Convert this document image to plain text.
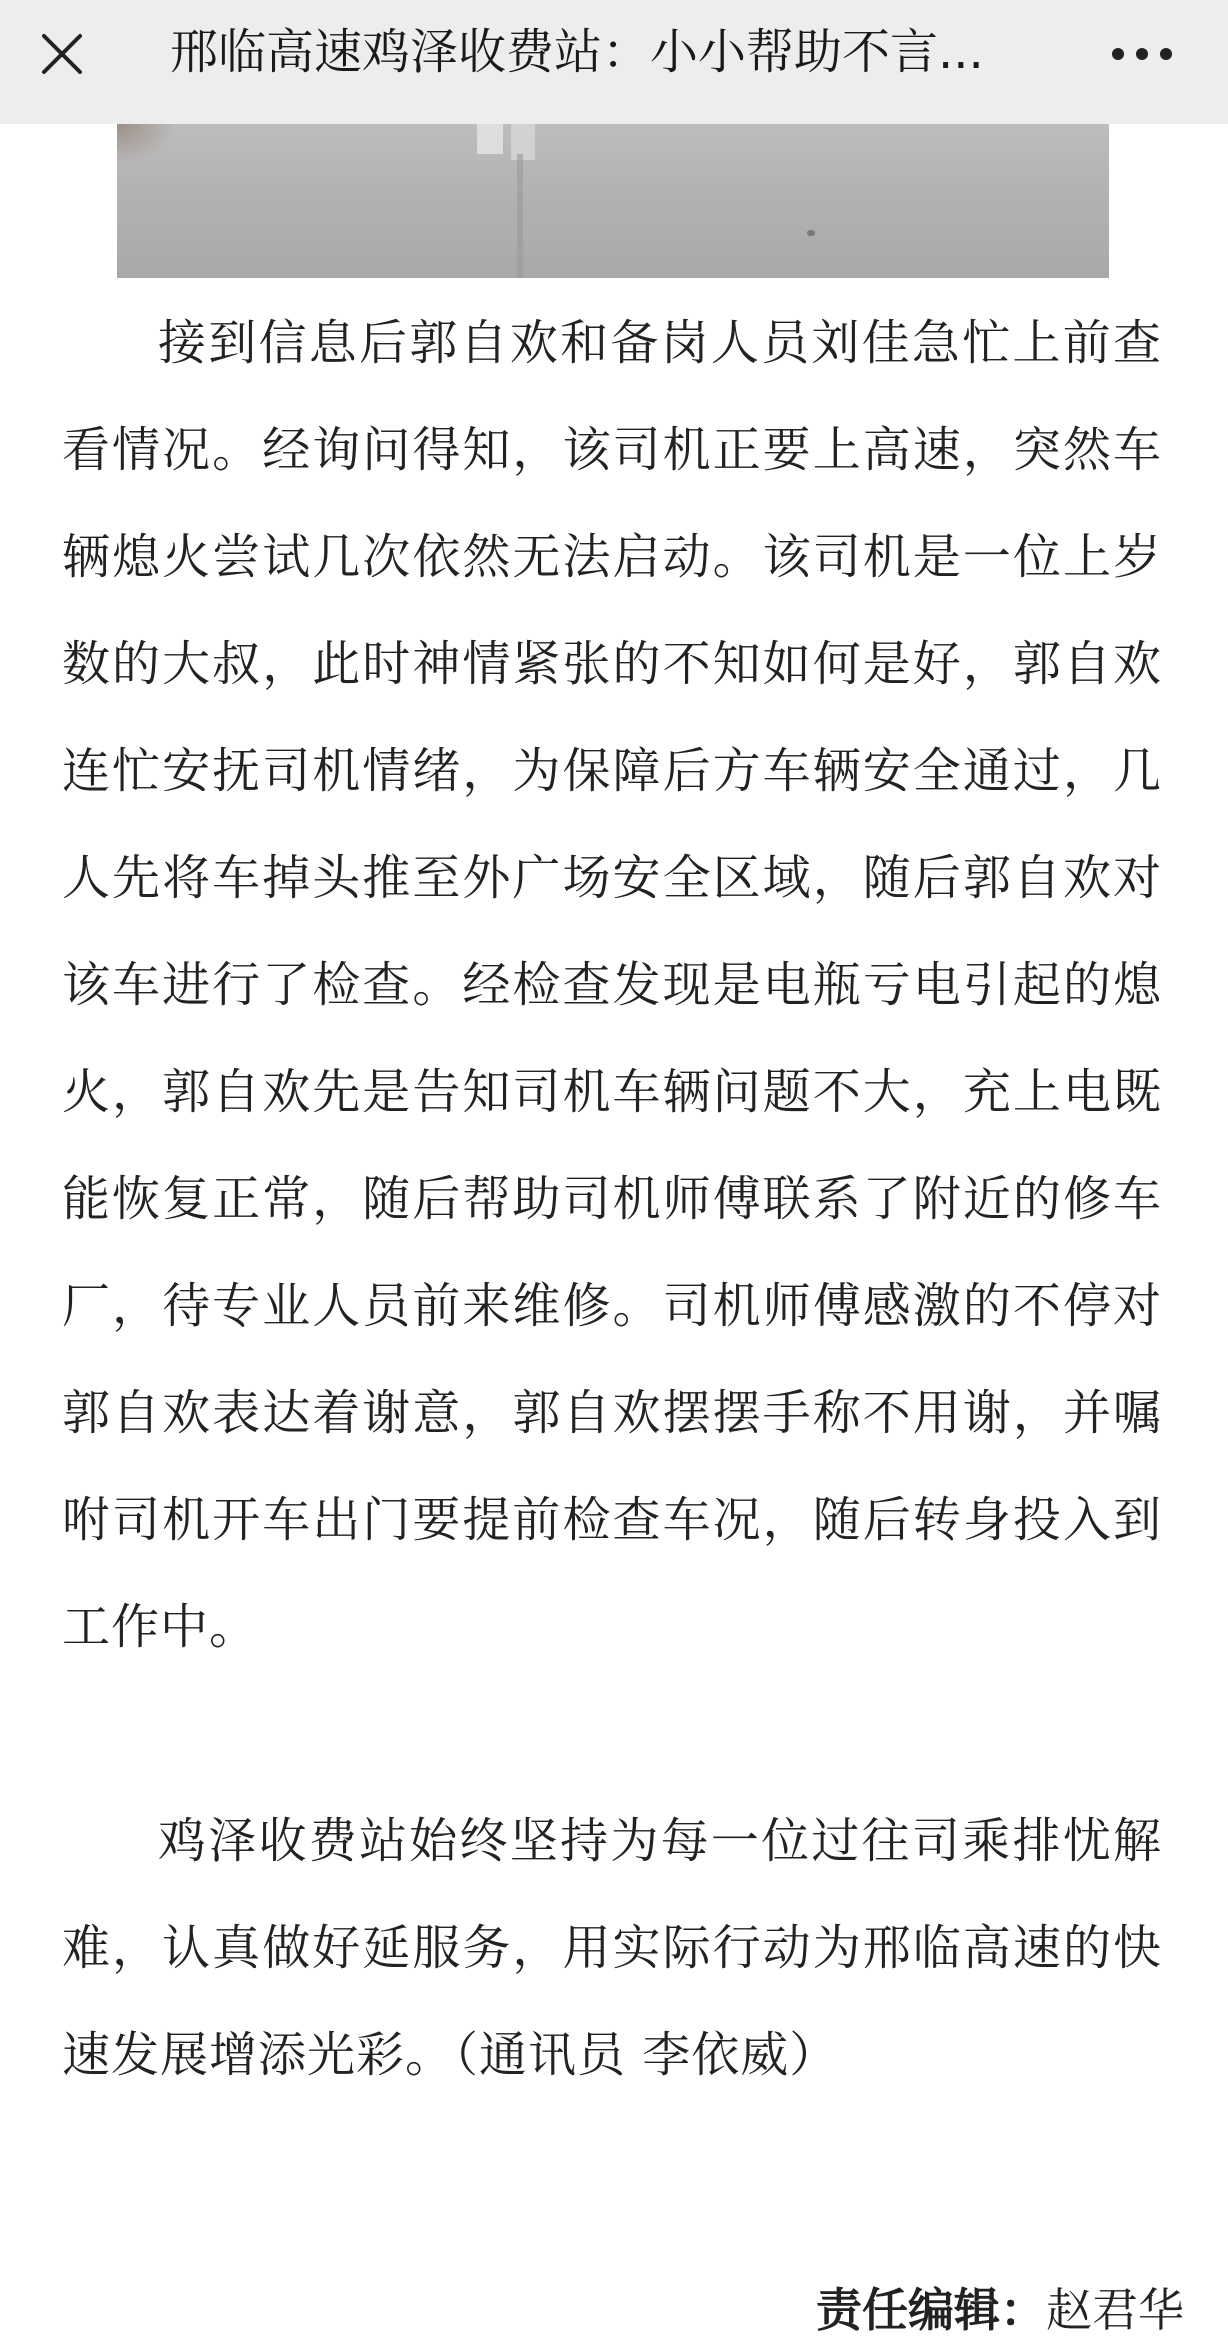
邢临高速鸡泽收费站：小小帮助不言...

接到信息后郭自欢和备岗人员刘佳急忙上前查看情况。经询问得知，该司机正要上高速，突然车辆熄火尝试几次依然无法启动。该司机是一位上岁数的大叔，此时神情紧张的不知如何是好，郭自欢连忙安抚司机情绪，为保障后方车辆安全通过，几人先将车掉头推至外广场安全区域，随后郭自欢对该车进行了检查。经检查发现是电瓶亏电引起的熄火，郭自欢先是告知司机车辆问题不大，充上电既能恢复正常，随后帮助司机师傅联系了附近的修车厂，待专业人员前来维修。司机师傅感激的不停对郭自欢表达着谢意，郭自欢摆摆手称不用谢，并嘱咐司机开车出门要提前检查车况，随后转身投入到工作中。

鸡泽收费站始终坚持为每一位过往司乘排忧解难，认真做好延服务，用实际行动为邢临高速的快速发展增添光彩。（通讯员 李依威）

责任编辑：赵君华
